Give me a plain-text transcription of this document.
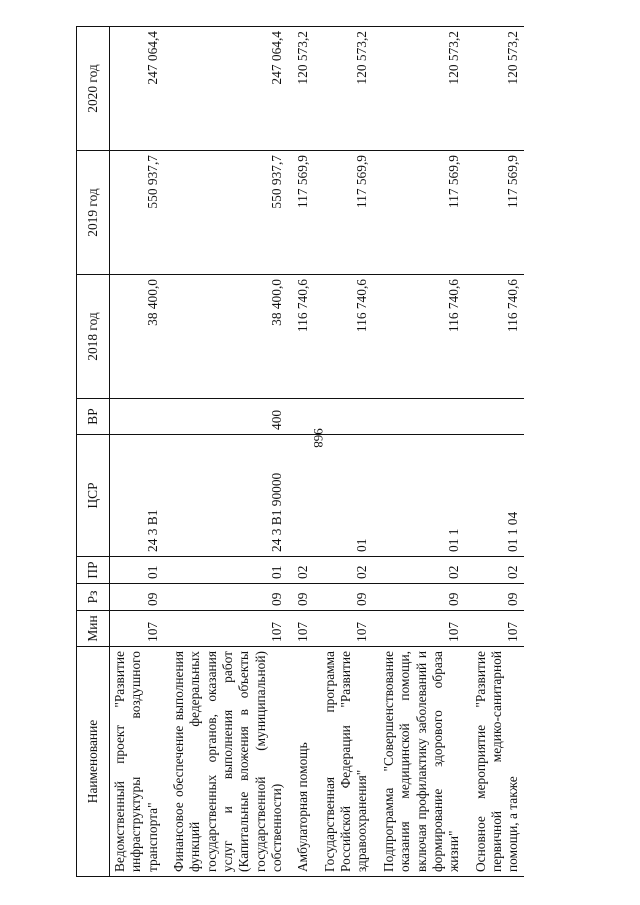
968
Наименование	Мин	Рз	ПР	ЦСР	ВР	2018 год	2019 год	2020 год
Ведомственный проект "Развитие инфраструктуры воздушного транспорта"	107	09	01	24 3 B1		38 400,0	550 937,7	247 064,4

Финансовое обеспечение выполнения функций федеральных государственных органов, оказания услуг и выполнения работ (Капитальные вложения в объекты государственной (муниципальной) собственности)	107	09	01	24 3 B1 90000	400	38 400,0	550 937,7	247 064,4

Амбулаторная помощь	107	09	02			116 740,6	117 569,9	120 573,2

Государственная программа Российской Федерации "Развитие здравоохранения"	107	09	02	01		116 740,6	117 569,9	120 573,2

Подпрограмма "Совершенствование оказания медицинской помощи, включая профилактику заболеваний и формирование здорового образа жизни"	107	09	02	01 1		116 740,6	117 569,9	120 573,2

Основное мероприятие "Развитие первичной медико-санитарной помощи, а также	107	09	02	01 1 04		116 740,6	117 569,9	120 573,2
